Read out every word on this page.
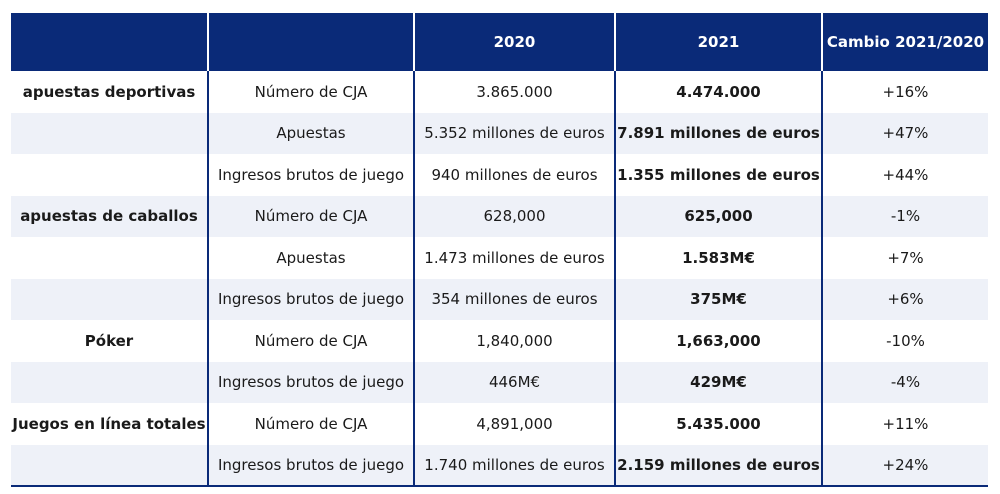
		2020	2021	Cambio 2021/2020
apuestas deportivas	Número de CJA	3.865.000	4.474.000	+16%
	Apuestas	5.352 millones de euros	7.891 millones de euros	+47%
	Ingresos brutos de juego	940 millones de euros	1.355 millones de euros	+44%
apuestas de caballos	Número de CJA	628,000	625,000	-1%
	Apuestas	1.473 millones de euros	1.583M€	+7%
	Ingresos brutos de juego	354 millones de euros	375M€	+6%
Póker	Número de CJA	1,840,000	1,663,000	-10%
	Ingresos brutos de juego	446M€	429M€	-4%
Juegos en línea totales	Número de CJA	4,891,000	5.435.000	+11%
	Ingresos brutos de juego	1.740 millones de euros	2.159 millones de euros	+24%
